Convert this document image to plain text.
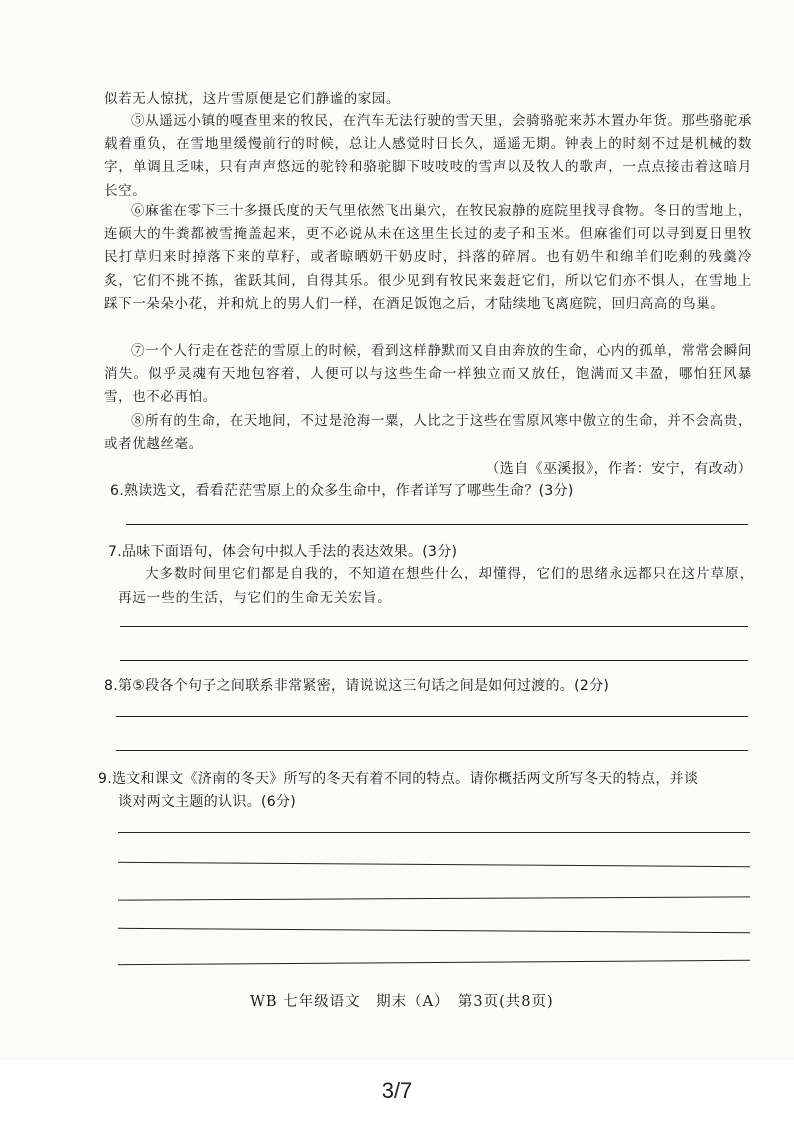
似若无人惊扰，这片雪原便是它们静谧的家园。

⑤从遥远小镇的嘎查里来的牧民，在汽车无法行驶的雪天里，会骑骆驼来苏木置办年货。那些骆驼承载着重负，在雪地里缓慢前行的时候，总让人感觉时日长久，遥遥无期。钟表上的时刻不过是机械的数字，单调且乏味，只有声声悠远的驼铃和骆驼脚下吱吱吱的雪声以及牧人的歌声，一点点接击着这暗月长空。

⑥麻雀在零下三十多摄氏度的天气里依然飞出巢穴，在牧民寂静的庭院里找寻食物。冬日的雪地上，连硕大的牛粪都被雪掩盖起来，更不必说从未在这里生长过的麦子和玉米。但麻雀们可以寻到夏日里牧民打草归来时掉落下来的草籽，或者晾晒奶干奶皮时，抖落的碎屑。也有奶牛和绵羊们吃剩的残羹冷炙，它们不挑不拣，雀跃其间，自得其乐。很少见到有牧民来轰赶它们，所以它们亦不惧人，在雪地上踩下一朵朵小花，并和炕上的男人们一样，在酒足饭饱之后，才陆续地飞离庭院，回归高高的鸟巢。

⑦一个人行走在苍茫的雪原上的时候，看到这样静默而又自由奔放的生命，心内的孤单，常常会瞬间消失。似乎灵魂有天地包容着，人便可以与这些生命一样独立而又放任，饱满而又丰盈，哪怕狂风暴雪，也不必再怕。

⑧所有的生命，在天地间，不过是沧海一粟，人比之于这些在雪原风寒中傲立的生命，并不会高贵，或者优越丝毫。

（选自《巫溪报》，作者：安宁，有改动）

6.熟读选文，看看茫茫雪原上的众多生命中，作者详写了哪些生命？(3分)

7.品味下面语句，体会句中拟人手法的表达效果。(3分)

大多数时间里它们都是自我的，不知道在想些什么，却懂得，它们的思绪永远都只在这片草原，再远一些的生活，与它们的生命无关宏旨。

8.第⑤段各个句子之间联系非常紧密，请说说这三句话之间是如何过渡的。(2分)

9.选文和课文《济南的冬天》所写的冬天有着不同的特点。请你概括两文所写冬天的特点，并谈

谈对两文主题的认识。(6分)

WB 七年级语文　期末（A）　第3页(共8页)

3/7
